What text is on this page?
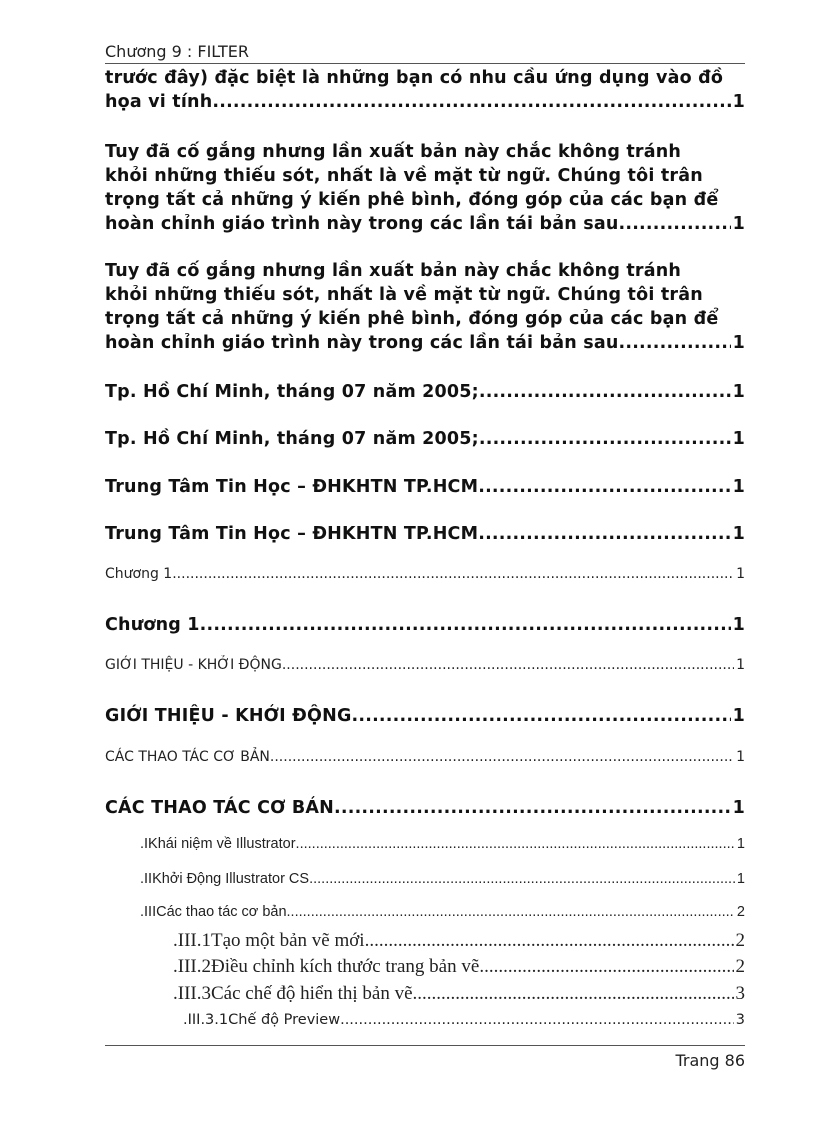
Chương 9 : FILTER
trước đây) đặc biệt là những bạn có nhu cầu ứng dụng vào đồ
họa vi tính .....	1
Tuy đã cố gắng nhưng lần xuất bản này chắc không tránh
khỏi những thiếu sót, nhất là về mặt từ ngữ. Chúng tôi trân
trọng tất cả những ý kiến phê bình, đóng góp của các bạn để
hoàn chỉnh giáo trình này trong các lần tái bản sau .....	1
Tuy đã cố gắng nhưng lần xuất bản này chắc không tránh
khỏi những thiếu sót, nhất là về mặt từ ngữ. Chúng tôi trân
trọng tất cả những ý kiến phê bình, đóng góp của các bạn để
hoàn chỉnh giáo trình này trong các lần tái bản sau .....	1
Tp. Hồ Chí Minh, tháng 07 năm 2005; .....	1
Tp. Hồ Chí Minh, tháng 07 năm 2005; .....	1
Trung Tâm Tin Học – ĐHKHTN TP.HCM .....	1
Trung Tâm Tin Học – ĐHKHTN TP.HCM .....	1
Chương 1 .....	1
Chương 1 .....	1
GIỚI THIỆU - KHỞI ĐỘNG .....	1
GIỚI THIỆU - KHỞI ĐỘNG .....	1
CÁC THAO TÁC CƠ BẢN .....	1
CÁC THAO TÁC CƠ BẢN .....	1
.IKhái niệm về Illustrator .....	1
.IIKhởi Động Illustrator CS .....	1
.IIICác thao tác cơ bản .....	2
.III.1Tạo một bản vẽ mới .....	2
.III.2Điều chỉnh kích thước trang bản vẽ .....	2
.III.3Các chế độ hiển thị bản vẽ .....	3
.III.3.1Chế độ Preview .....	3
Trang 86
